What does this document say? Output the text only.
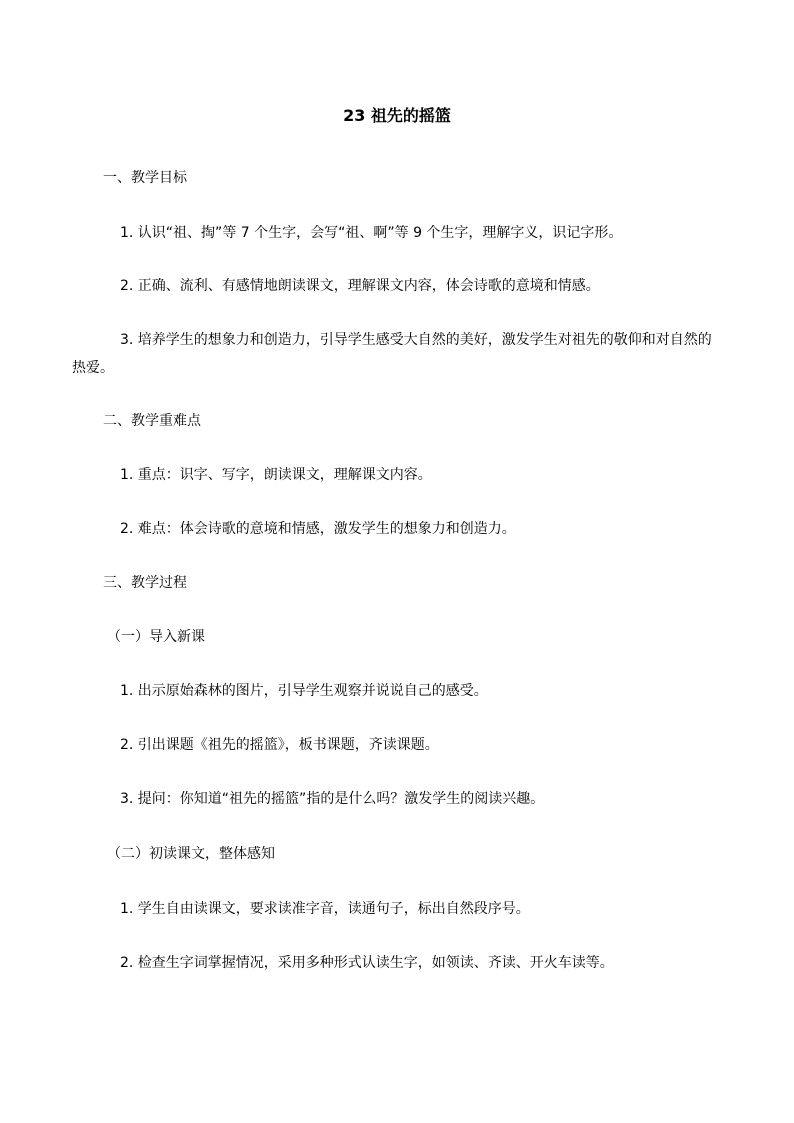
23 祖先的摇篮

一、教学目标

1. 认识“祖、掏”等 7 个生字，会写“祖、啊”等 9 个生字，理解字义，识记字形。

2. 正确、流利、有感情地朗读课文，理解课文内容，体会诗歌的意境和情感。

3. 培养学生的想象力和创造力，引导学生感受大自然的美好，激发学生对祖先的敬仰和对自然的热爱。

二、教学重难点

1. 重点：识字、写字，朗读课文，理解课文内容。

2. 难点：体会诗歌的意境和情感，激发学生的想象力和创造力。

三、教学过程

（一）导入新课

1. 出示原始森林的图片，引导学生观察并说说自己的感受。

2. 引出课题《祖先的摇篮》，板书课题，齐读课题。

3. 提问：你知道“祖先的摇篮”指的是什么吗？激发学生的阅读兴趣。

（二）初读课文，整体感知

1. 学生自由读课文，要求读准字音，读通句子，标出自然段序号。

2. 检查生字词掌握情况，采用多种形式认读生字，如领读、齐读、开火车读等。
